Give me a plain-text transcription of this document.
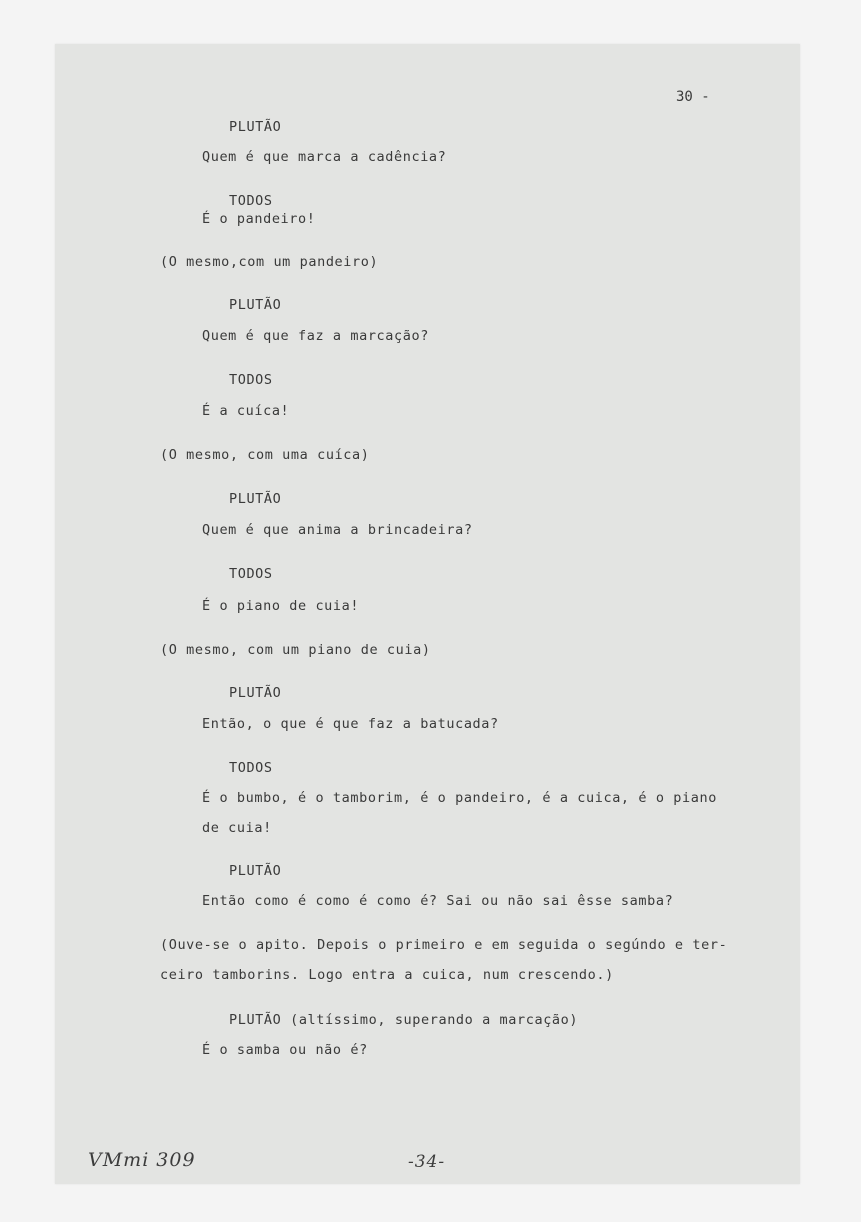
30 -
PLUTÃO
Quem é que marca a cadência?
TODOS
É o pandeiro!
(O mesmo,com um pandeiro)
PLUTÃO
Quem é que faz a marcação?
TODOS
É a cuíca!
(O mesmo, com uma cuíca)
PLUTÃO
Quem é que anima a brincadeira?
TODOS
É o piano de cuia!
(O mesmo, com um piano de cuia)
PLUTÃO
Então, o que é que faz a batucada?
TODOS
É o bumbo, é o tamborim, é o pandeiro, é a cuica, é o piano
de cuia!
PLUTÃO
Então como é como é como é? Sai ou não sai êsse samba?
(Ouve-se o apito. Depois o primeiro e em seguida o segúndo e ter-
ceiro tamborins. Logo entra a cuica, num crescendo.)
PLUTÃO (altíssimo, superando a marcação)
É o samba ou não é?
VMmi 309	-34-
